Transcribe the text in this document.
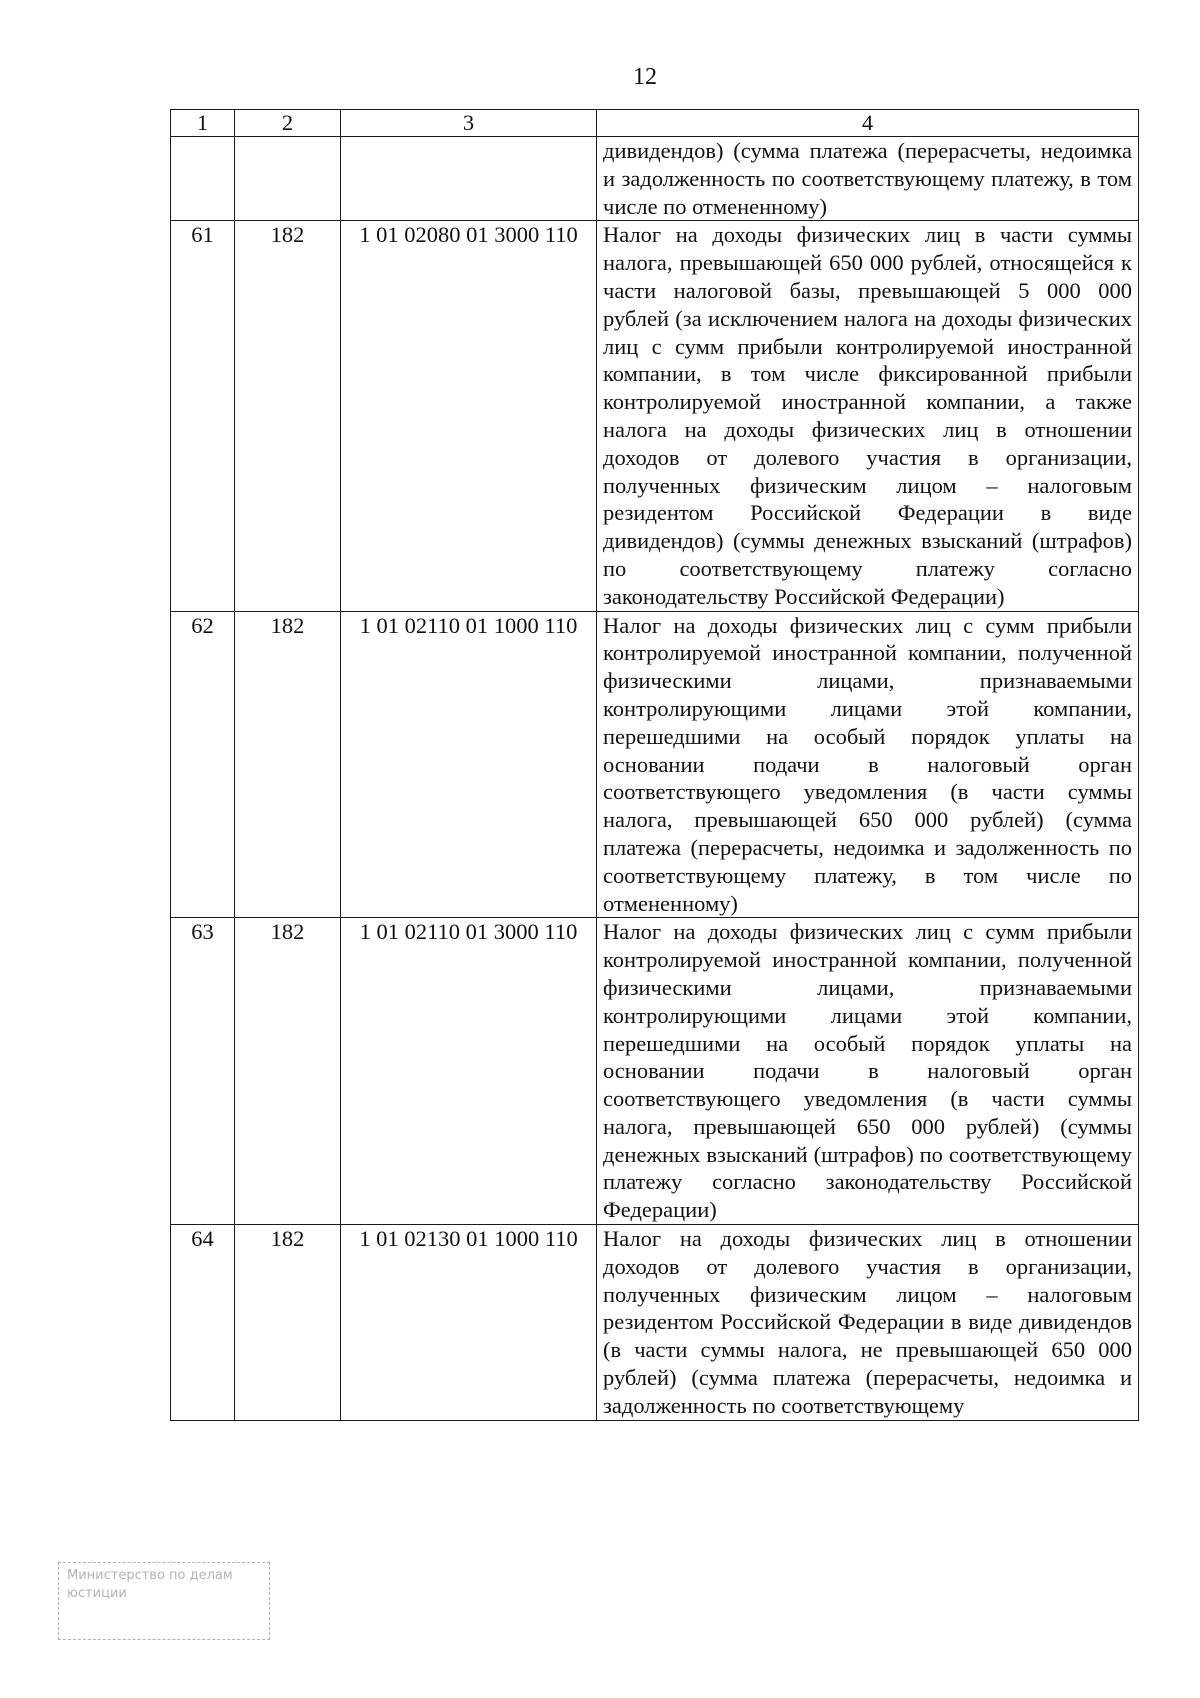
12
1	2	3	4
			дивидендов) (сумма платежа (перерасчеты, недоимка и задолженность по соответствующему платежу, в том числе по отмененному)
61	182	1 01 02080 01 3000 110	Налог на доходы физических лиц в части суммы налога, превышающей 650 000 рублей, относящейся к части налоговой базы, превышающей 5 000 000 рублей (за исключением налога на доходы физических лиц с сумм прибыли контролируемой иностранной компании, в том числе фиксированной прибыли контролируемой иностранной компании, а также налога на доходы физических лиц в отношении доходов от долевого участия в организации, полученных физическим лицом – налоговым резидентом Российской Федерации в виде дивидендов) (суммы денежных взысканий (штрафов) по соответствующему платежу согласно законодательству Российской Федерации)
62	182	1 01 02110 01 1000 110	Налог на доходы физических лиц с сумм прибыли контролируемой иностранной компании, полученной физическими лицами, признаваемыми контролирующими лицами этой компании, перешедшими на особый порядок уплаты на основании подачи в налоговый орган соответствующего уведомления (в части суммы налога, превышающей 650 000 рублей) (сумма платежа (перерасчеты, недоимка и задолженность по соответствующему платежу, в том числе по отмененному)
63	182	1 01 02110 01 3000 110	Налог на доходы физических лиц с сумм прибыли контролируемой иностранной компании, полученной физическими лицами, признаваемыми контролирующими лицами этой компании, перешедшими на особый порядок уплаты на основании подачи в налоговый орган соответствующего уведомления (в части суммы налога, превышающей 650 000 рублей) (суммы денежных взысканий (штрафов) по соответствующему платежу согласно законодательству Российской Федерации)
64	182	1 01 02130 01 1000 110	Налог на доходы физических лиц в отношении доходов от долевого участия в организации, полученных физическим лицом – налоговым резидентом Российской Федерации в виде дивидендов (в части суммы налога, не превышающей 650 000 рублей) (сумма платежа (перерасчеты, недоимка и задолженность по соответствующему
Министерство по делам
юстиции
